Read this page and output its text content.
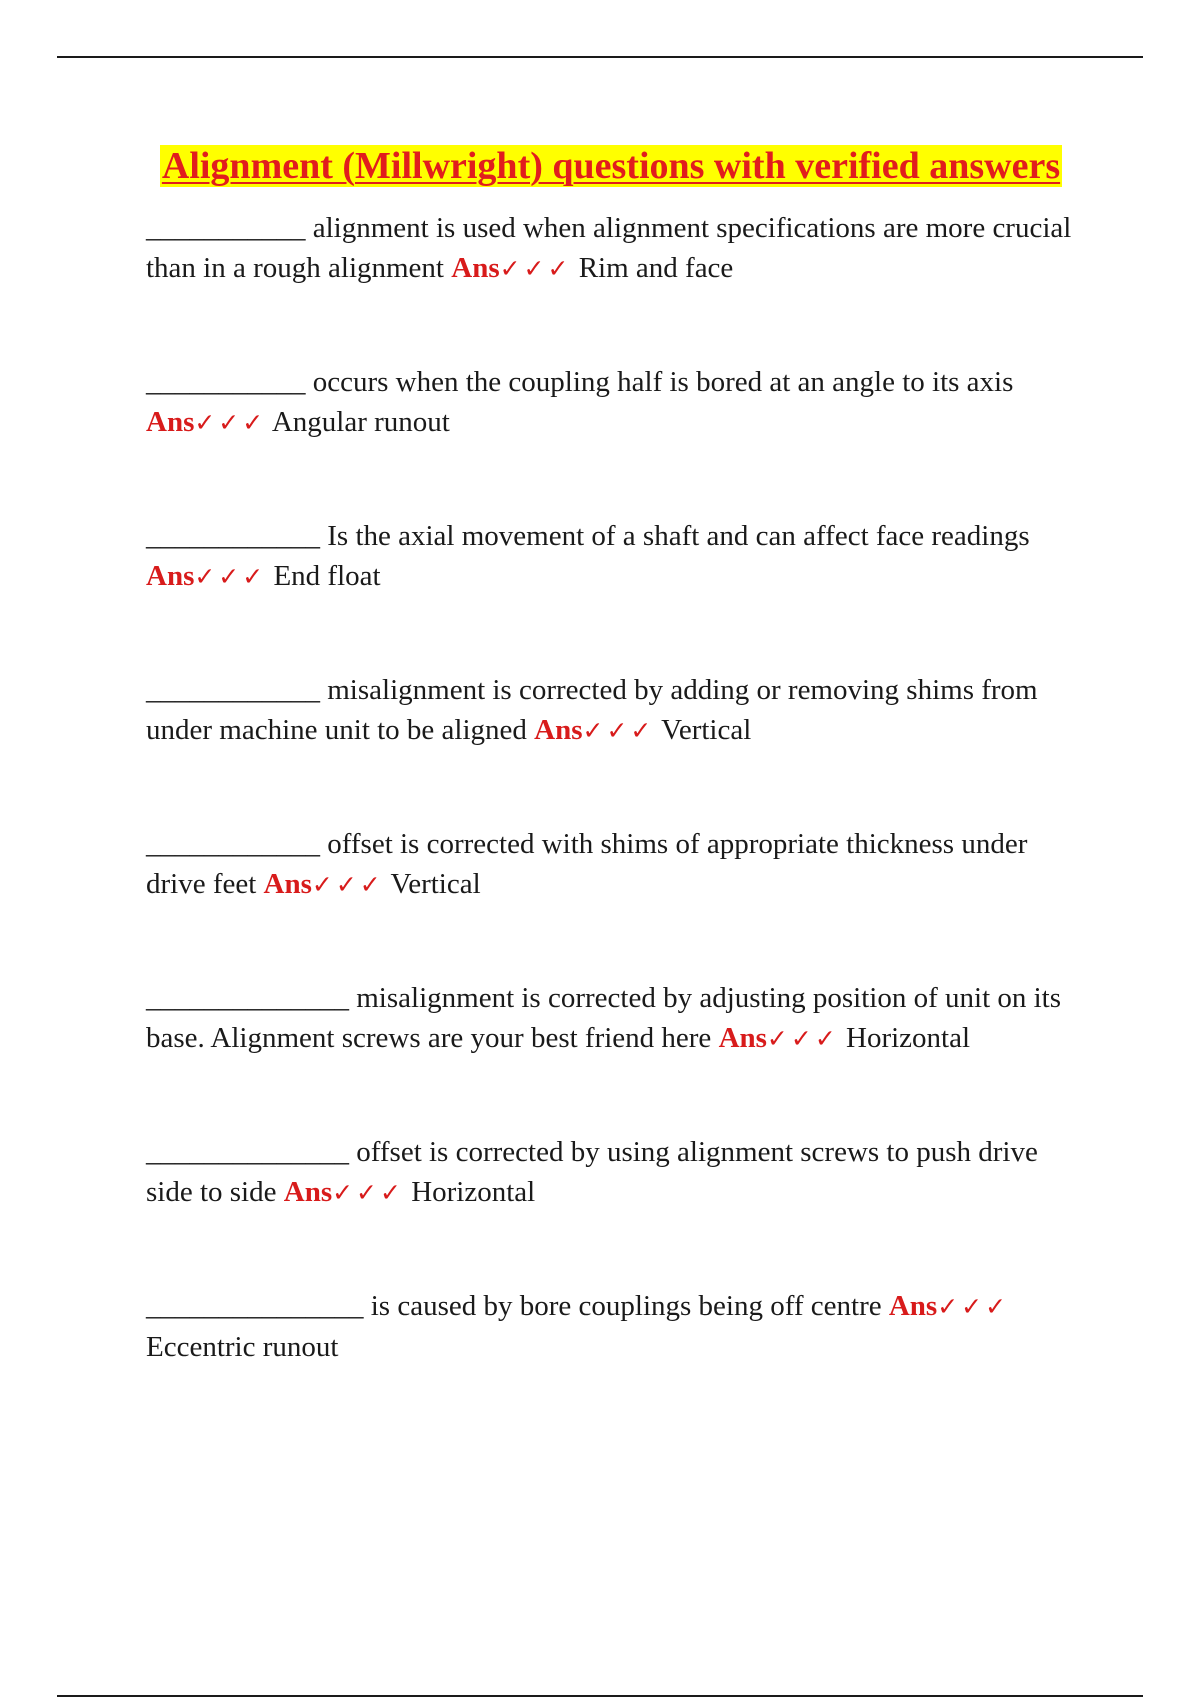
Alignment (Millwright) questions with verified answers

___________ alignment is used when alignment specifications are more crucial than in a rough alignment Ans✓✓✓ Rim and face

___________ occurs when the coupling half is bored at an angle to its axis Ans✓✓✓ Angular runout

____________ Is the axial movement of a shaft and can affect face readings Ans✓✓✓ End float

____________ misalignment is corrected by adding or removing shims from under machine unit to be aligned Ans✓✓✓ Vertical

____________ offset is corrected with shims of appropriate thickness under drive feet Ans✓✓✓ Vertical

______________ misalignment is corrected by adjusting position of unit on its base. Alignment screws are your best friend here Ans✓✓✓ Horizontal

______________ offset is corrected by using alignment screws to push drive side to side Ans✓✓✓ Horizontal

_______________ is caused by bore couplings being off centre Ans✓✓✓ Eccentric runout
